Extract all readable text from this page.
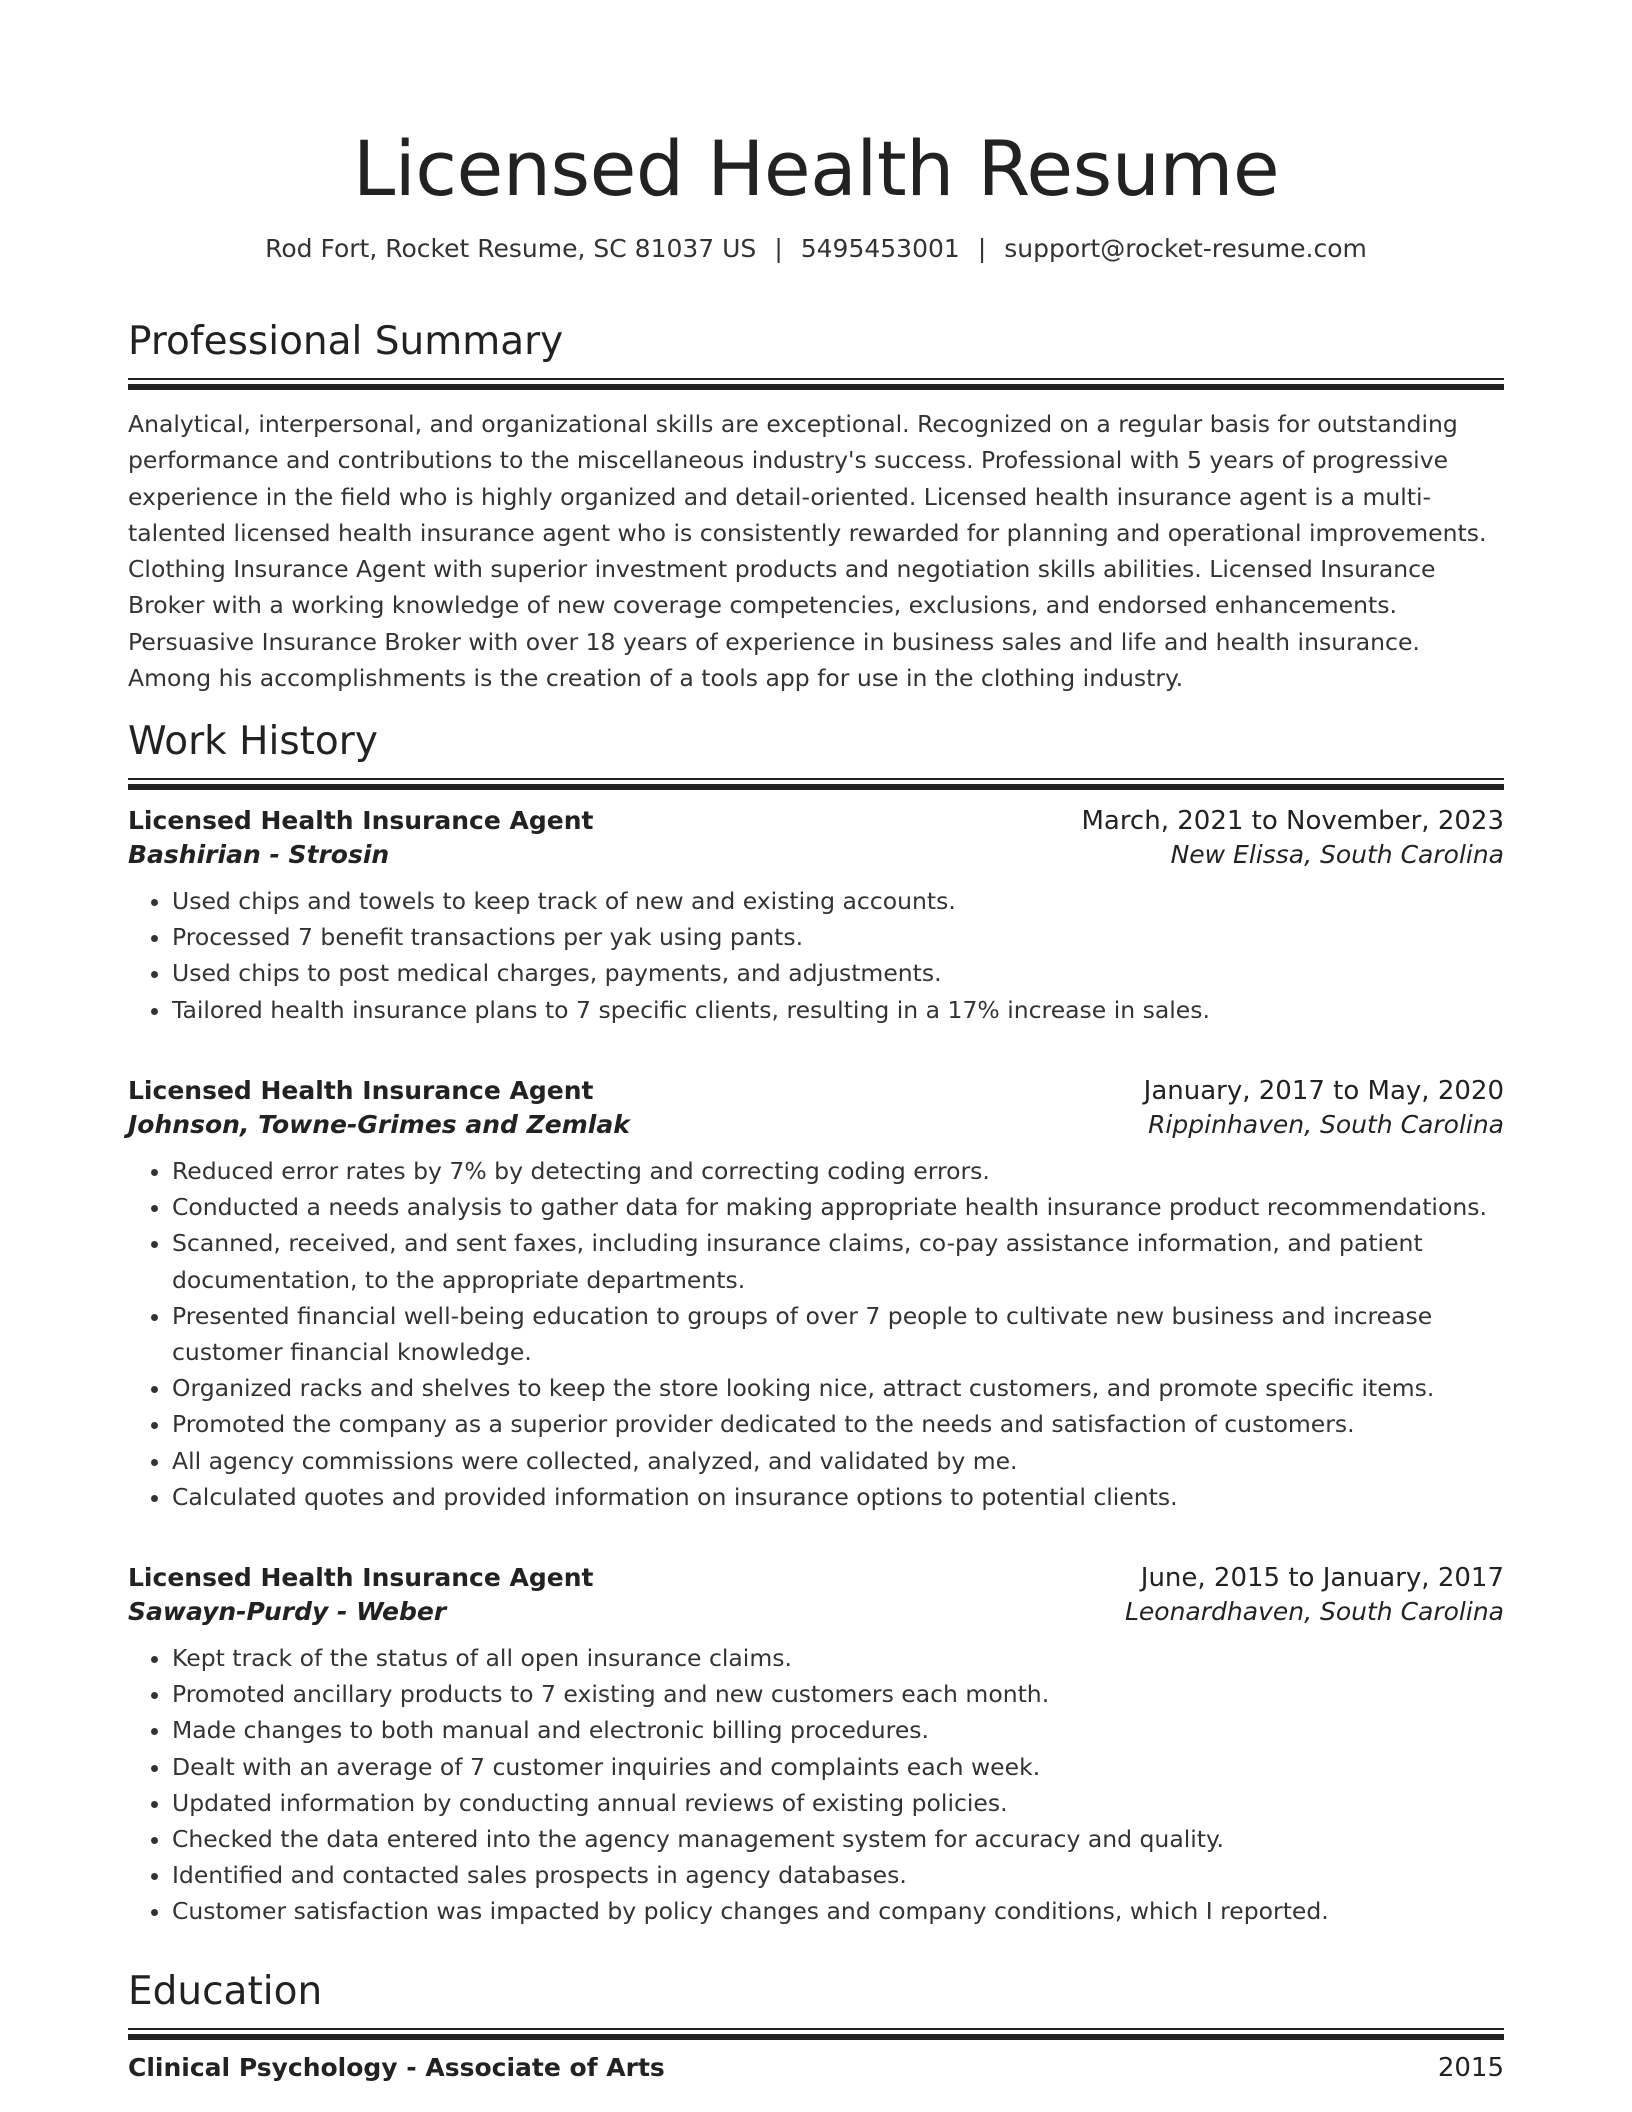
Licensed Health Resume
Rod Fort, Rocket Resume, SC 81037 US | 5495453001 | support@rocket-resume.com
Professional Summary
Analytical, interpersonal, and organizational skills are exceptional. Recognized on a regular basis for outstanding performance and contributions to the miscellaneous industry's success. Professional with 5 years of progressive experience in the field who is highly organized and detail-oriented. Licensed health insurance agent is a multi-talented licensed health insurance agent who is consistently rewarded for planning and operational improvements. Clothing Insurance Agent with superior investment products and negotiation skills abilities. Licensed Insurance Broker with a working knowledge of new coverage competencies, exclusions, and endorsed enhancements. Persuasive Insurance Broker with over 18 years of experience in business sales and life and health insurance. Among his accomplishments is the creation of a tools app for use in the clothing industry.
Work History
Licensed Health Insurance Agent	March, 2021 to November, 2023
Bashirian - Strosin	New Elissa, South Carolina
• Used chips and towels to keep track of new and existing accounts.
• Processed 7 benefit transactions per yak using pants.
• Used chips to post medical charges, payments, and adjustments.
• Tailored health insurance plans to 7 specific clients, resulting in a 17% increase in sales.
Licensed Health Insurance Agent	January, 2017 to May, 2020
Johnson, Towne-Grimes and Zemlak	Rippinhaven, South Carolina
• Reduced error rates by 7% by detecting and correcting coding errors.
• Conducted a needs analysis to gather data for making appropriate health insurance product recommendations.
• Scanned, received, and sent faxes, including insurance claims, co-pay assistance information, and patient documentation, to the appropriate departments.
• Presented financial well-being education to groups of over 7 people to cultivate new business and increase customer financial knowledge.
• Organized racks and shelves to keep the store looking nice, attract customers, and promote specific items.
• Promoted the company as a superior provider dedicated to the needs and satisfaction of customers.
• All agency commissions were collected, analyzed, and validated by me.
• Calculated quotes and provided information on insurance options to potential clients.
Licensed Health Insurance Agent	June, 2015 to January, 2017
Sawayn-Purdy - Weber	Leonardhaven, South Carolina
• Kept track of the status of all open insurance claims.
• Promoted ancillary products to 7 existing and new customers each month.
• Made changes to both manual and electronic billing procedures.
• Dealt with an average of 7 customer inquiries and complaints each week.
• Updated information by conducting annual reviews of existing policies.
• Checked the data entered into the agency management system for accuracy and quality.
• Identified and contacted sales prospects in agency databases.
• Customer satisfaction was impacted by policy changes and company conditions, which I reported.
Education
Clinical Psychology - Associate of Arts	2015
